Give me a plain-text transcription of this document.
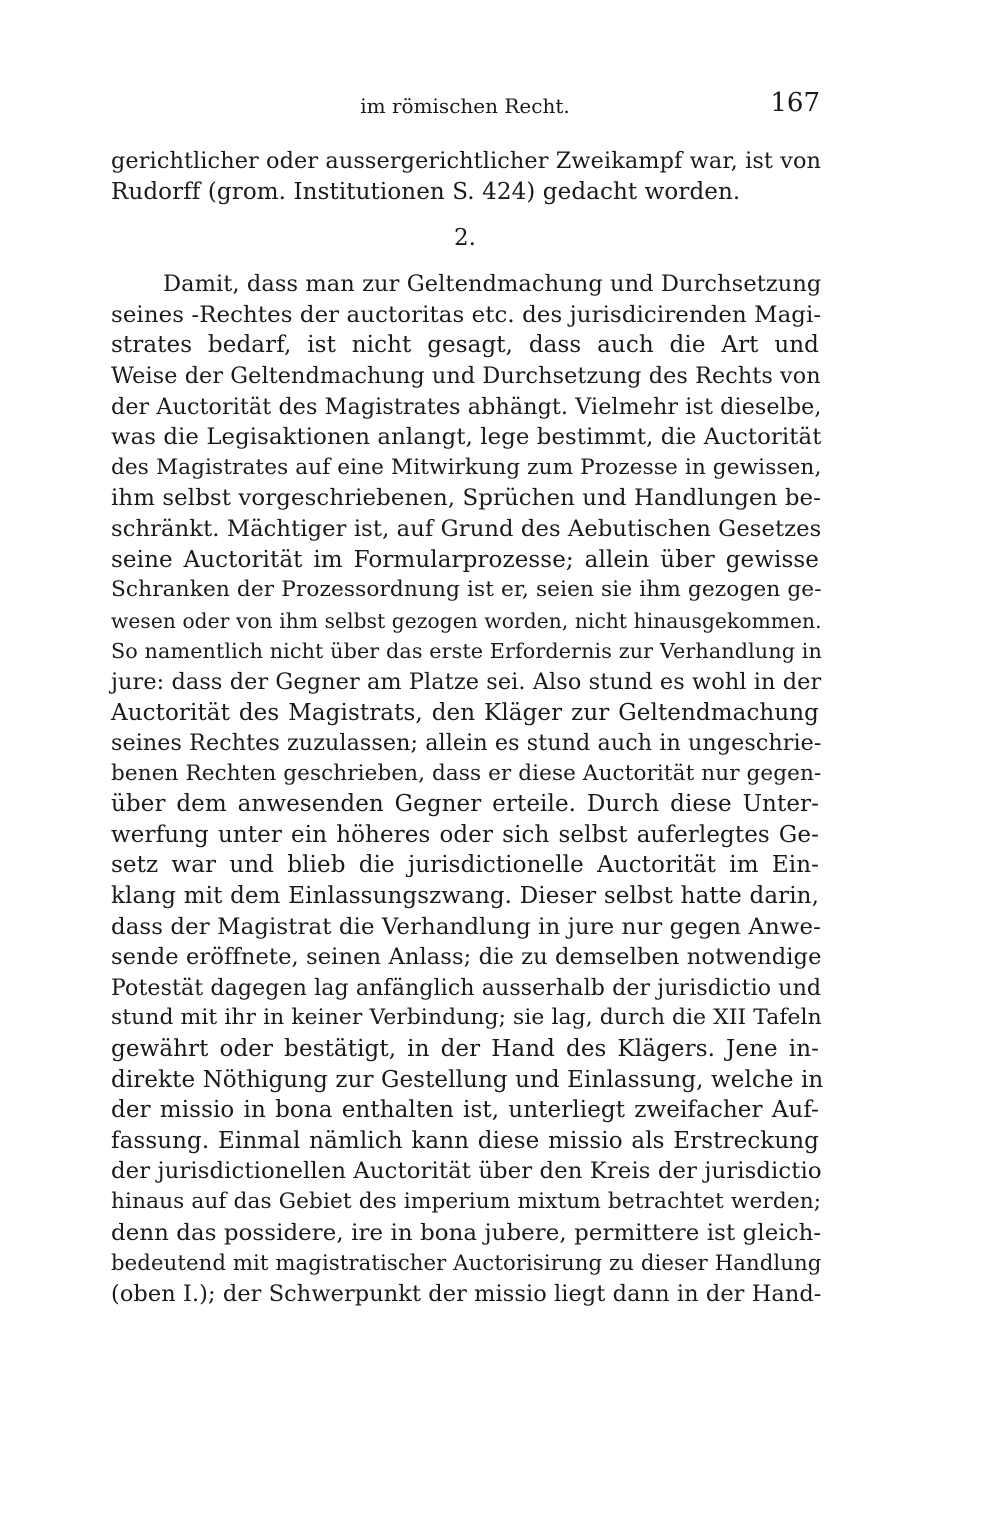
im römischen Recht.	167
gerichtlicher oder aussergerichtlicher Zweikampf war, ist von
Rudorff (grom. Institutionen S. 424) gedacht worden.
2.
Damit, dass man zur Geltendmachung und Durchsetzung
seines -Rechtes der auctoritas etc. des jurisdicirenden Magi-
strates bedarf, ist nicht gesagt, dass auch die Art und
Weise der Geltendmachung und Durchsetzung des Rechts von
der Auctorität des Magistrates abhängt. Vielmehr ist dieselbe,
was die Legisaktionen anlangt, lege bestimmt, die Auctorität
des Magistrates auf eine Mitwirkung zum Prozesse in gewissen,
ihm selbst vorgeschriebenen, Sprüchen und Handlungen be-
schränkt. Mächtiger ist, auf Grund des Aebutischen Gesetzes
seine Auctorität im Formularprozesse; allein über gewisse
Schranken der Prozessordnung ist er, seien sie ihm gezogen ge-
wesen oder von ihm selbst gezogen worden, nicht hinausgekommen.
So namentlich nicht über das erste Erfordernis zur Verhandlung in
jure: dass der Gegner am Platze sei. Also stund es wohl in der
Auctorität des Magistrats, den Kläger zur Geltendmachung
seines Rechtes zuzulassen; allein es stund auch in ungeschrie-
benen Rechten geschrieben, dass er diese Auctorität nur gegen-
über dem anwesenden Gegner erteile. Durch diese Unter-
werfung unter ein höheres oder sich selbst auferlegtes Ge-
setz war und blieb die jurisdictionelle Auctorität im Ein-
klang mit dem Einlassungszwang. Dieser selbst hatte darin,
dass der Magistrat die Verhandlung in jure nur gegen Anwe-
sende eröffnete, seinen Anlass; die zu demselben notwendige
Potestät dagegen lag anfänglich ausserhalb der jurisdictio und
stund mit ihr in keiner Verbindung; sie lag, durch die XII Tafeln
gewährt oder bestätigt, in der Hand des Klägers. Jene in-
direkte Nöthigung zur Gestellung und Einlassung, welche in
der missio in bona enthalten ist, unterliegt zweifacher Auf-
fassung. Einmal nämlich kann diese missio als Erstreckung
der jurisdictionellen Auctorität über den Kreis der jurisdictio
hinaus auf das Gebiet des imperium mixtum betrachtet werden;
denn das possidere, ire in bona jubere, permittere ist gleich-
bedeutend mit magistratischer Auctorisirung zu dieser Handlung
(oben I.); der Schwerpunkt der missio liegt dann in der Hand-
